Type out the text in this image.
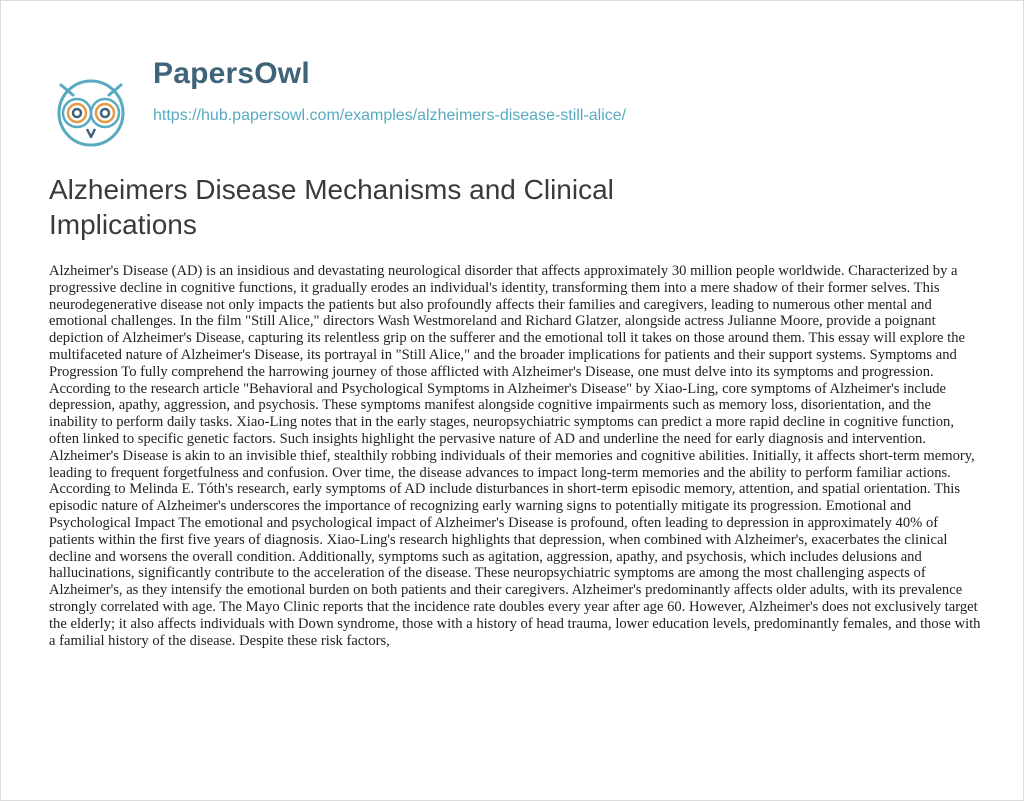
PapersOwl
https://hub.papersowl.com/examples/alzheimers-disease-still-alice/
Alzheimers Disease Mechanisms and Clinical Implications

Alzheimer's Disease (AD) is an insidious and devastating neurological disorder that affects approximately 30 million people worldwide. Characterized by a progressive decline in cognitive functions, it gradually erodes an individual's identity, transforming them into a mere shadow of their former selves. This neurodegenerative disease not only impacts the patients but also profoundly affects their families and caregivers, leading to numerous other mental and emotional challenges. In the film "Still Alice," directors Wash Westmoreland and Richard Glatzer, alongside actress Julianne Moore, provide a poignant depiction of Alzheimer's Disease, capturing its relentless grip on the sufferer and the emotional toll it takes on those around them. This essay will explore the multifaceted nature of Alzheimer's Disease, its portrayal in "Still Alice," and the broader implications for patients and their support systems. Symptoms and Progression To fully comprehend the harrowing journey of those afflicted with Alzheimer's Disease, one must delve into its symptoms and progression. According to the research article "Behavioral and Psychological Symptoms in Alzheimer's Disease" by Xiao-Ling, core symptoms of Alzheimer's include depression, apathy, aggression, and psychosis. These symptoms manifest alongside cognitive impairments such as memory loss, disorientation, and the inability to perform daily tasks. Xiao-Ling notes that in the early stages, neuropsychiatric symptoms can predict a more rapid decline in cognitive function, often linked to specific genetic factors. Such insights highlight the pervasive nature of AD and underline the need for early diagnosis and intervention. Alzheimer's Disease is akin to an invisible thief, stealthily robbing individuals of their memories and cognitive abilities. Initially, it affects short-term memory, leading to frequent forgetfulness and confusion. Over time, the disease advances to impact long-term memories and the ability to perform familiar actions. According to Melinda E. Tóth's research, early symptoms of AD include disturbances in short-term episodic memory, attention, and spatial orientation. This episodic nature of Alzheimer's underscores the importance of recognizing early warning signs to potentially mitigate its progression. Emotional and Psychological Impact The emotional and psychological impact of Alzheimer's Disease is profound, often leading to depression in approximately 40% of patients within the first five years of diagnosis. Xiao-Ling's research highlights that depression, when combined with Alzheimer's, exacerbates the clinical decline and worsens the overall condition. Additionally, symptoms such as agitation, aggression, apathy, and psychosis, which includes delusions and hallucinations, significantly contribute to the acceleration of the disease. These neuropsychiatric symptoms are among the most challenging aspects of Alzheimer's, as they intensify the emotional burden on both patients and their caregivers. Alzheimer's predominantly affects older adults, with its prevalence strongly correlated with age. The Mayo Clinic reports that the incidence rate doubles every year after age 60. However, Alzheimer's does not exclusively target the elderly; it also affects individuals with Down syndrome, those with a history of head trauma, lower education levels, predominantly females, and those with a familial history of the disease. Despite these risk factors,
